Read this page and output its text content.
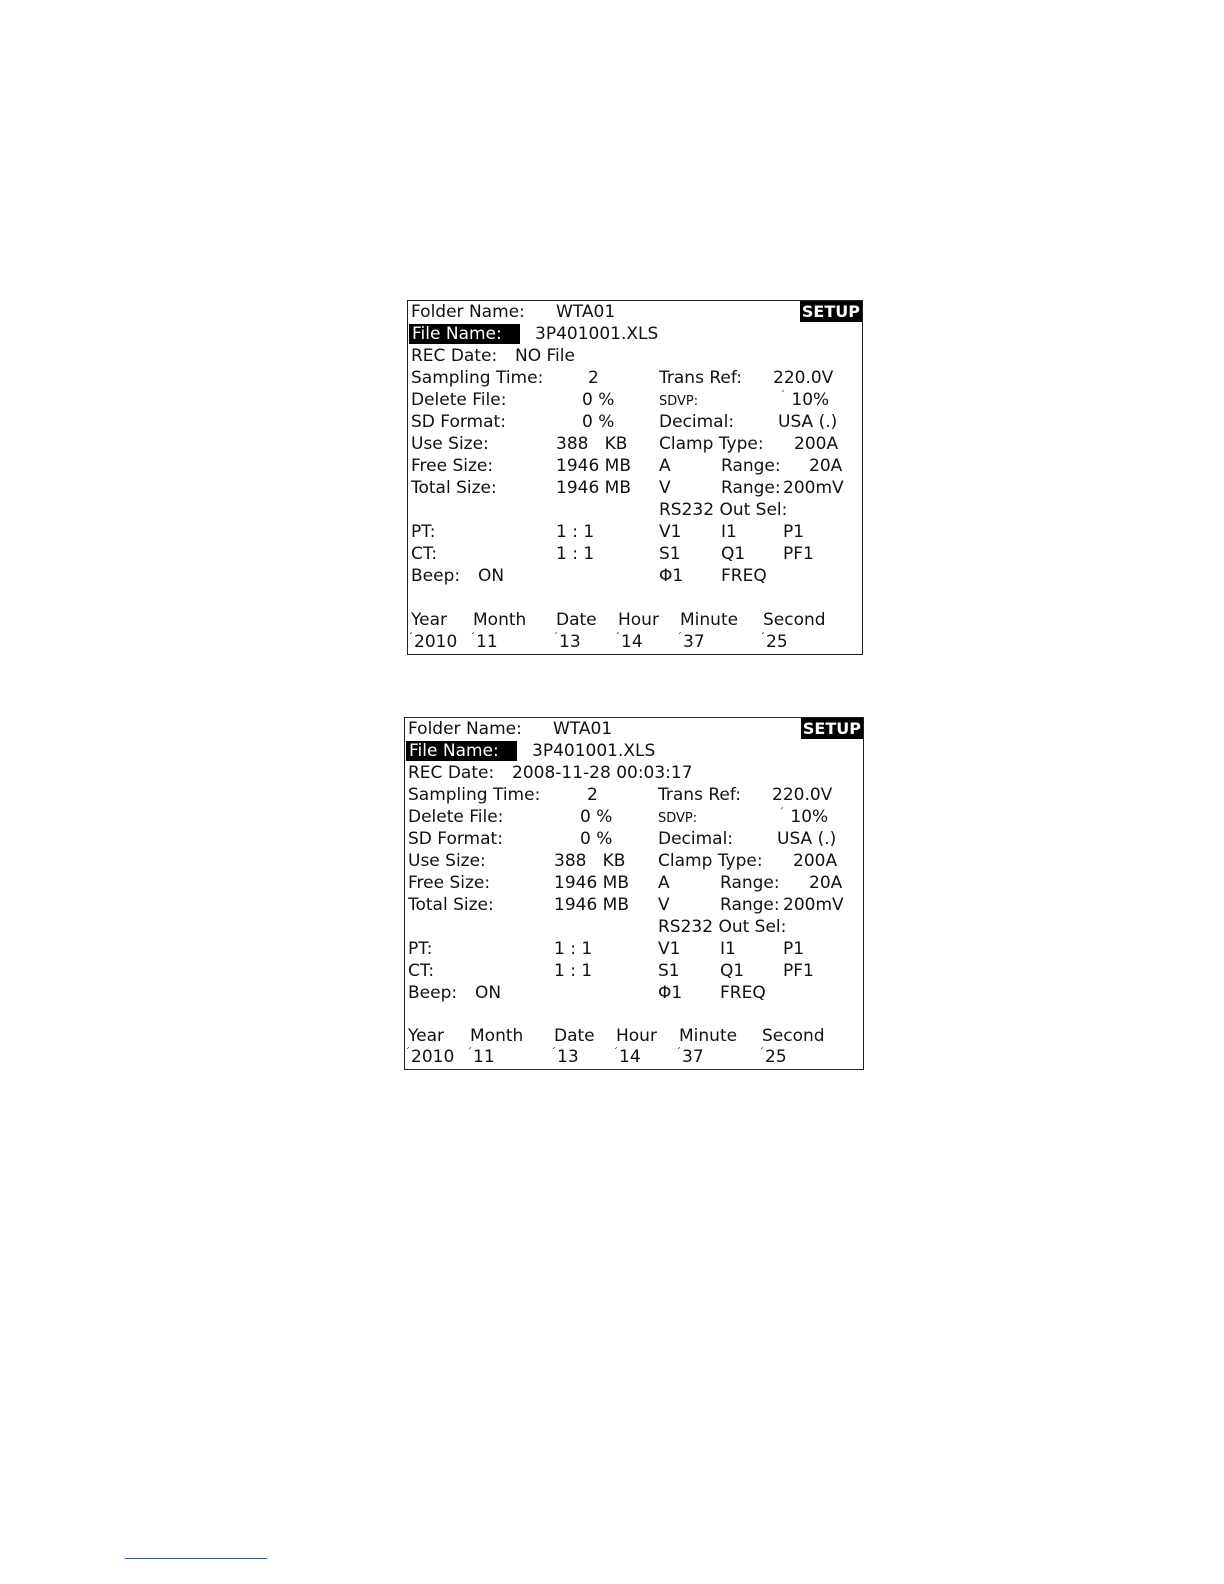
SETUP
Folder Name: WTA01
File Name:	3P401001.XLS
REC Date: NO File
Sampling Time:	2	Trans Ref: 220.0V
Delete File:	0 %	SDVP:	´ 10%
SD Format:	0 %	Decimal:	USA (.)
Use Size:	388   KB Clamp Type: 200A
Free Size:	1946 MB A	Range: 20A
Total Size:	1946 MB V	Range: 200mV
RS232 Out Sel:
PT:	1 : 1	V1 I1	P1
CT:	1 : 1	S1 Q1 PF1
Beep: ON	Φ1 FREQ
Year Month Date Hour Minute Second
´2010 ´11	´13	´14	´37	´25
SETUP
Folder Name: WTA01
File Name:	3P401001.XLS
REC Date: 2008-11-28 00:03:17
Sampling Time:	2	Trans Ref: 220.0V
Delete File:	0 %	SDVP:	´ 10%
SD Format:	0 %	Decimal:	USA (.)
Use Size:	388   KB Clamp Type: 200A
Free Size:	1946 MB A	Range: 20A
Total Size:	1946 MB V	Range: 200mV
RS232 Out Sel:
PT:	1 : 1	V1 I1	P1
CT:	1 : 1	S1 Q1 PF1
Beep: ON	Φ1 FREQ
Year Month Date Hour Minute Second
´2010 ´11	´13	´14	´37	´25
